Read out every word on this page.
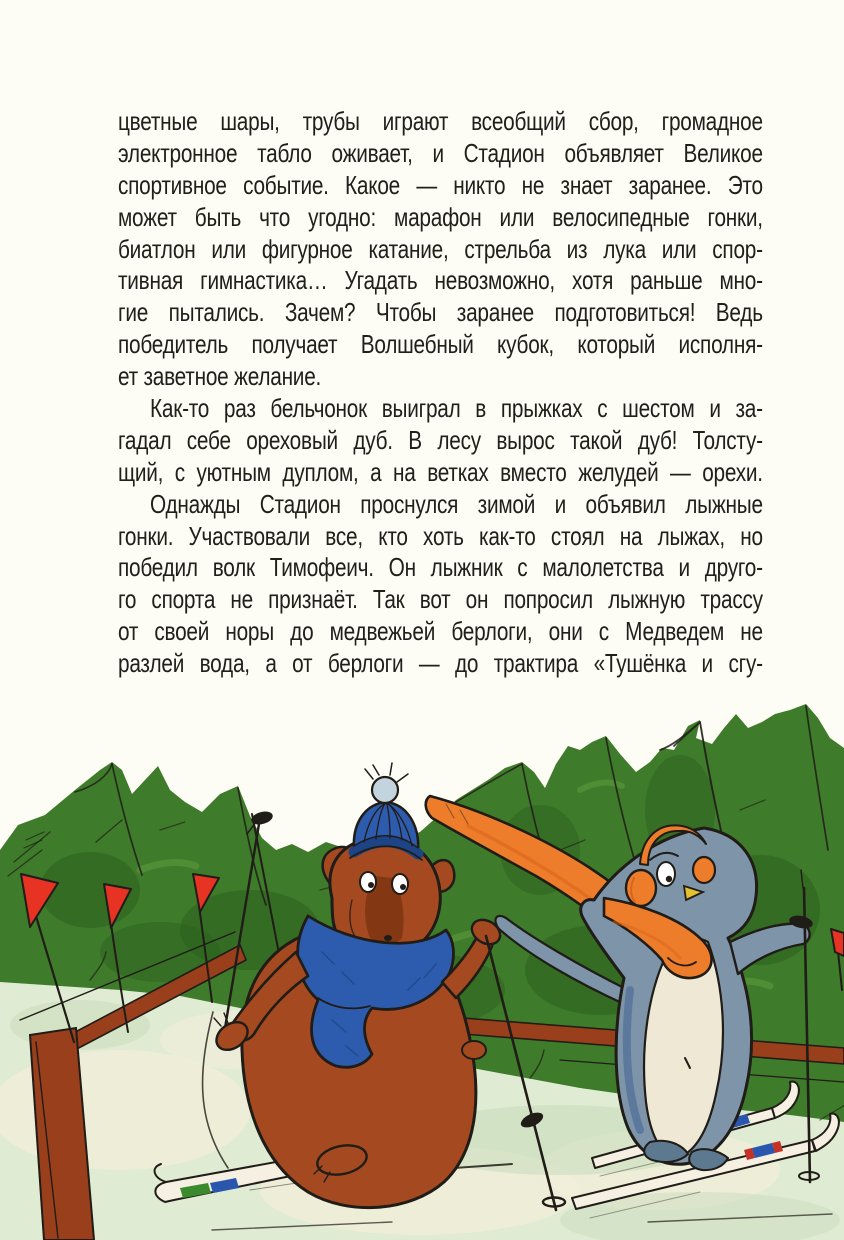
цветные шары, трубы играют всеобщий сбор, громадное
электронное табло оживает, и Стадион объявляет Великое
спортивное событие. Какое — никто не знает заранее. Это
может быть что угодно: марафон или велосипедные гонки,
биатлон или фигурное катание, стрельба из лука или спор-
тивная гимнастика… Угадать невозможно, хотя раньше мно-
гие пытались. Зачем? Чтобы заранее подготовиться! Ведь
победитель получает Волшебный кубок, который исполня-
ет заветное желание.
Как-то раз бельчонок выиграл в прыжках с шестом и за-
гадал себе ореховый дуб. В лесу вырос такой дуб! Толсту-
щий, с уютным дуплом, а на ветках вместо желудей — орехи.
Однажды Стадион проснулся зимой и объявил лыжные
гонки. Участвовали все, кто хоть как-то стоял на лыжах, но
победил волк Тимофеич. Он лыжник с малолетства и друго-
го спорта не признаёт. Так вот он попросил лыжную трассу
от своей норы до медвежьей берлоги, они с Медведем не
разлей вода, а от берлоги — до трактира «Тушёнка и сгу-
